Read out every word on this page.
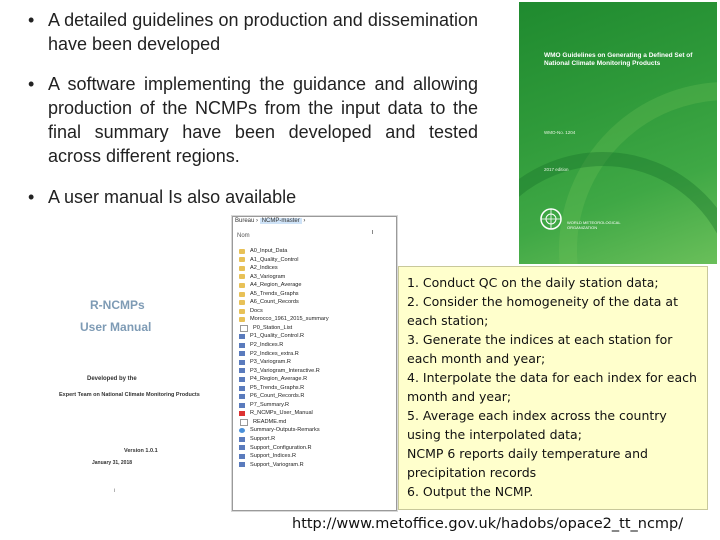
• A detailed guidelines on production and dissemination have been developed
• A software implementing the guidance and allowing production of the NCMPs from the input data to the final summary have been developed and tested across different regions.
• A user manual Is also available
WMO Guidelines on Generating a Defined Set of National Climate Monitoring Products
WMO-No. 1204
2017 edition
WORLD METEOROLOGICAL ORGANIZATION
R-NCMPs
User Manual
Developed by the
Expert Team on National Climate Monitoring Products
Version 1.0.1
January 31, 2018
i
Bureau › NCMP-master ›
Nom
A0_Input_Data
A1_Quality_Control
A2_Indices
A3_Variogram
A4_Region_Average
A5_Trends_Graphs
A6_Count_Records
Docs
Morocco_1961_2015_summary
P0_Station_List
P1_Quality_Control.R
P2_Indices.R
P2_Indices_extra.R
P3_Variogram.R
P3_Variogram_Interactive.R
P4_Region_Average.R
P5_Trends_Graphs.R
P6_Count_Records.R
P7_Summary.R
R_NCMPs_User_Manual
README.md
Summary-Outputs-Remarks
Support.R
Support_Configuration.R
Support_Indices.R
Support_Variogram.R

1. Conduct QC on the daily station data;

2. Consider the homogeneity of the data at each station;

3. Generate the indices at each station for each month and year;

4. Interpolate the data for each index for each month and year;

5. Average each index across the country using the interpolated data;

NCMP 6 reports daily temperature and precipitation records

6. Output the NCMP.

http://www.metoffice.gov.uk/hadobs/opace2_tt_ncmp/
